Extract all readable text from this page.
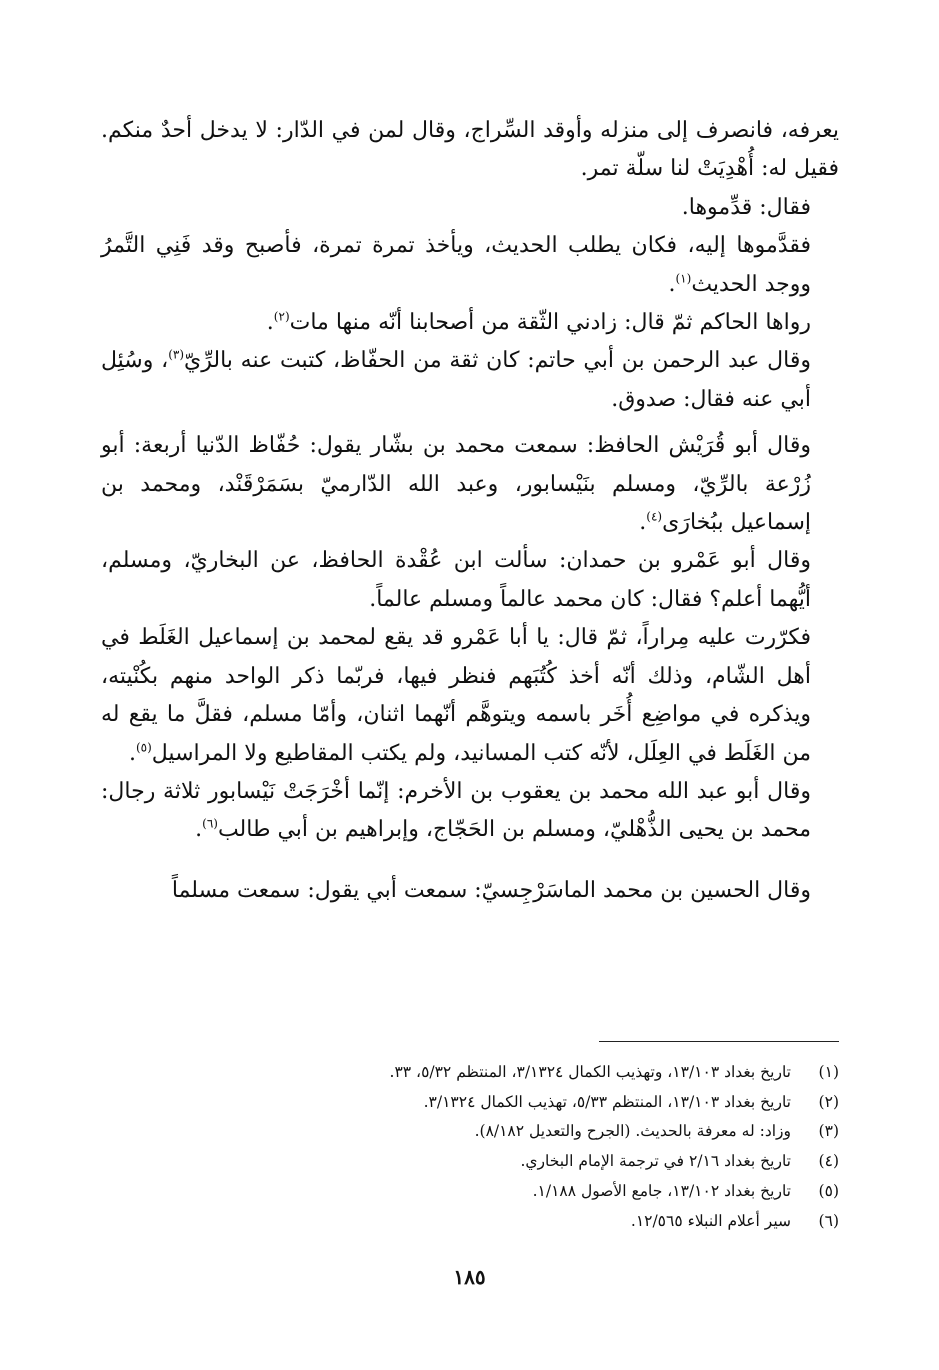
يعرفه، فانصرف إلى منزله وأوقد السِّراج، وقال لمن في الدّار: لا يدخل أحدٌ منكم. فقيل له: أُهْدِيَتْ لنا سلّة تمر.

فقال: قدِّموها.

فقدَّموها إليه، فكان يطلب الحديث، ويأخذ تمرة تمرة، فأصبح وقد فَنِي التَّمرُ ووجد الحديث$^{(١)}$.

رواها الحاكم ثمّ قال: زادني الثّقة من أصحابنا أنّه منها مات$^{(٢)}$.

وقال عبد الرحمن بن أبي حاتم: كان ثقة من الحفّاظ، كتبت عنه بالرِّيّ$^{(٣)}$، وسُئِل أبي عنه فقال: صدوق.

وقال أبو قُرَيْش الحافظ: سمعت محمد بن بشّار يقول: حُفّاظ الدّنيا أربعة: أبو زُرْعة بالرِّيّ، ومسلم بنَيْسابور، وعبد الله الدّارميّ بسَمَرْقَنْد، ومحمد بن إسماعيل ببُخارَى$^{(٤)}$.

وقال أبو عَمْرو بن حمدان: سألت ابن عُقْدة الحافظ، عن البخاريّ، ومسلم، أيُّهما أعلم؟ فقال: كان محمد عالماً ومسلم عالماً.

فكرّرت عليه مِراراً، ثمّ قال: يا أبا عَمْرو قد يقع لمحمد بن إسماعيل الغَلَط في أهل الشّام، وذلك أنّه أخذ كُتُبَهم فنظر فيها، فربّما ذكر الواحد منهم بكُنْيته، ويذكره في مواضِع أُخَر باسمه ويتوهَّم أنّهما اثنان، وأمّا مسلم، فقلَّ ما يقع له من الغَلَط في العِلَل، لأنّه كتب المسانيد، ولم يكتب المقاطيع ولا المراسيل$^{(٥)}$.

وقال أبو عبد الله محمد بن يعقوب بن الأخرم: إنّما أخْرَجَتْ نَيْسابور ثلاثة رجال: محمد بن يحيى الذُّهْليّ، ومسلم بن الحَجّاج، وإبراهيم بن أبي طالب$^{(٦)}$.

وقال الحسين بن محمد الماسَرْجِسيّ: سمعت أبي يقول: سمعت مسلماً

(١)
تاريخ بغداد ١٣/١٠٣، وتهذيب الكمال ٣/١٣٢٤، المنتظم ٥/٣٢، ٣٣.
(٢)
تاريخ بغداد ١٣/١٠٣، المنتظم ٥/٣٣، تهذيب الكمال ٣/١٣٢٤.
(٣)
وزاد: له معرفة بالحديث. (الجرح والتعديل ٨/١٨٢).
(٤)
تاريخ بغداد ٢/١٦ في ترجمة الإمام البخاري.
(٥)
تاريخ بغداد ١٣/١٠٢، جامع الأصول ١/١٨٨.
(٦)
سير أعلام النبلاء ١٢/٥٦٥.
١٨٥
